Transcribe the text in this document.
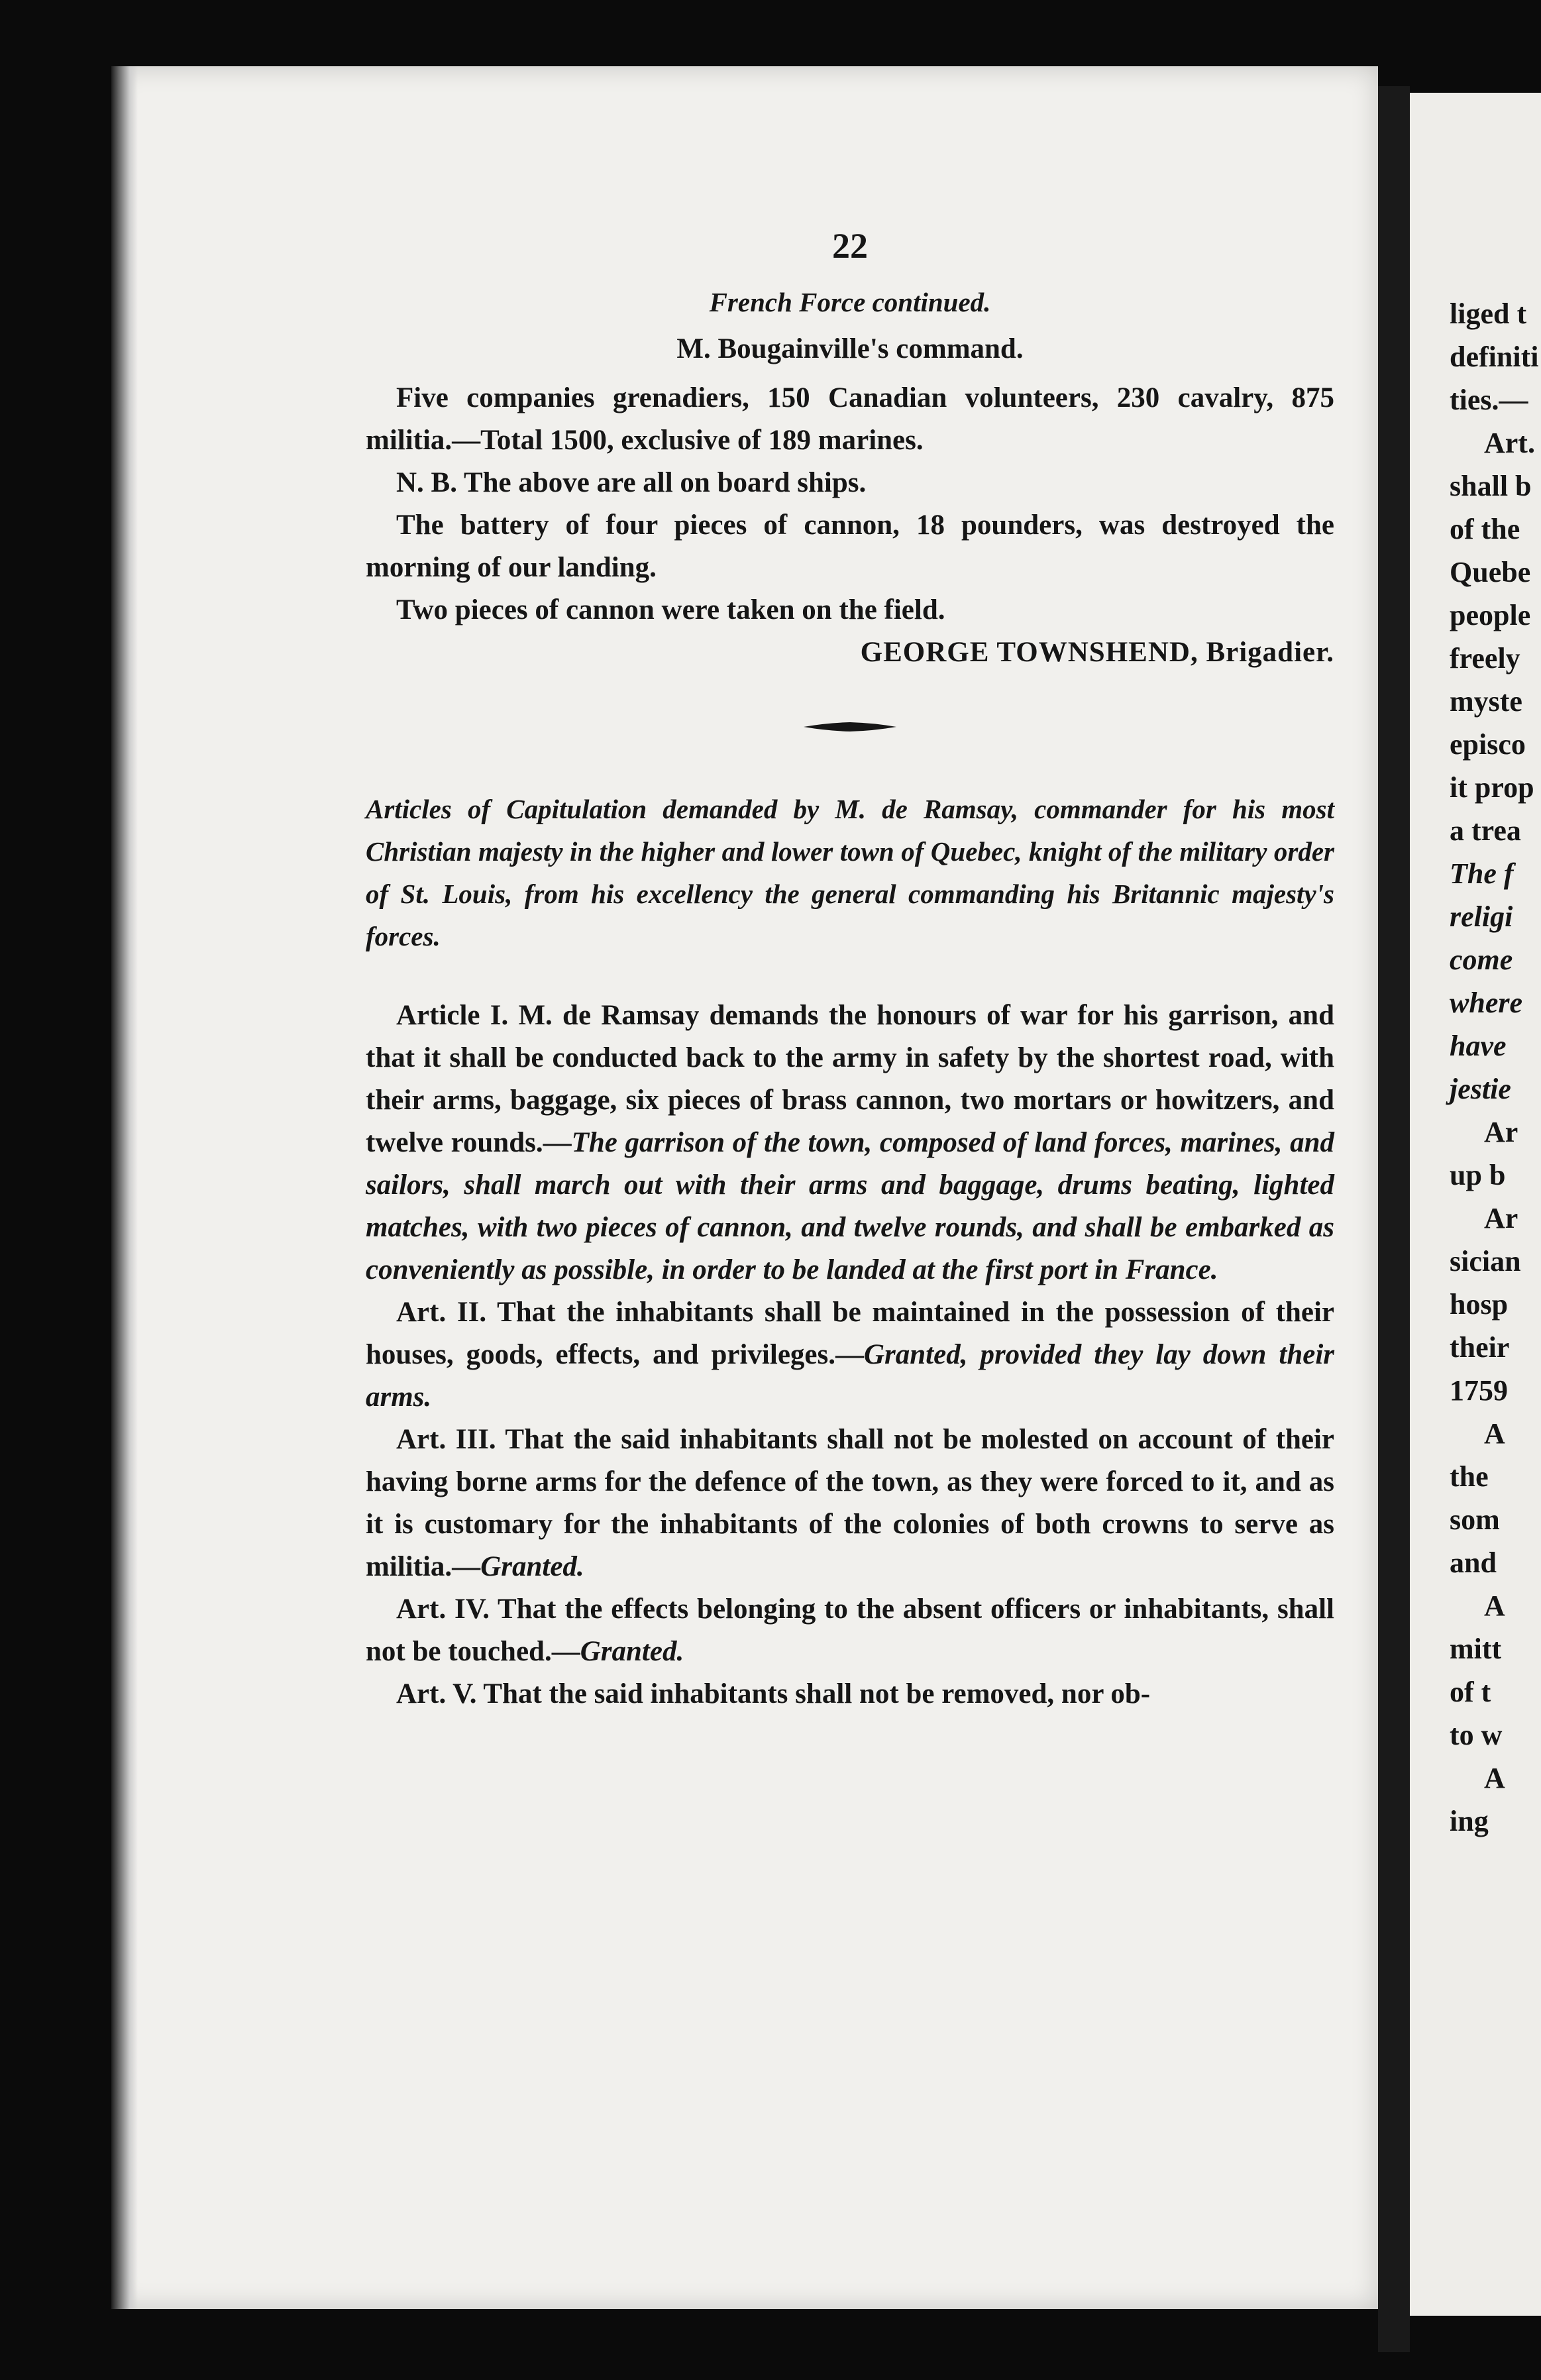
liged t
definiti
ties.—
Art.
shall b
of the
Quebe
people
freely
myste
episco
it prop
a trea
The f
religi
come
where
have
jestie
Ar
up b
Ar
sician
hosp
their
1759
A
the
som
and
A
mitt
of t
to w
A
ing
22
French Force continued.
M. Bougainville's command.

Five companies grenadiers, 150 Canadian volunteers, 230 cavalry, 875 militia.—Total 1500, exclusive of 189 marines.

N. B. The above are all on board ships.

The battery of four pieces of cannon, 18 pounders, was destroyed the morning of our landing.

Two pieces of cannon were taken on the field.

GEORGE TOWNSHEND, Brigadier.

Articles of Capitulation demanded by M. de Ramsay, commander for his most Christian majesty in the higher and lower town of Quebec, knight of the military order of St. Louis, from his excellency the general commanding his Britannic majesty's forces.

Article I. M. de Ramsay demands the honours of war for his garrison, and that it shall be conducted back to the army in safety by the shortest road, with their arms, baggage, six pieces of brass cannon, two mortars or howitzers, and twelve rounds.—The garrison of the town, composed of land forces, marines, and sailors, shall march out with their arms and baggage, drums beating, lighted matches, with two pieces of cannon, and twelve rounds, and shall be embarked as conveniently as possible, in order to be landed at the first port in France.

Art. II. That the inhabitants shall be maintained in the possession of their houses, goods, effects, and privileges.—Granted, provided they lay down their arms.

Art. III. That the said inhabitants shall not be molested on account of their having borne arms for the defence of the town, as they were forced to it, and as it is customary for the inhabitants of the colonies of both crowns to serve as militia.—Granted.

Art. IV. That the effects belonging to the absent officers or inhabitants, shall not be touched.—Granted.

Art. V. That the said inhabitants shall not be removed, nor ob-
